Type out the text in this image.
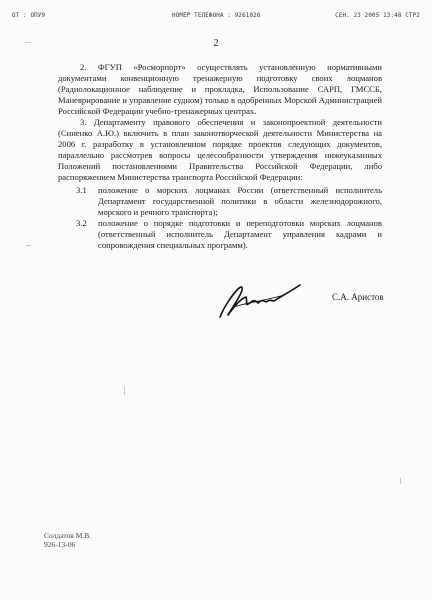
ОТ : ОПУ9	НОМЕР ТЕЛЕФОНА : 9261026	СЕН. 23 2005 13:48 СТР2
2

2. ФГУП «Росморпорт» осуществлять установленную нормативными документами конвенционную тренажерную подготовку своих лоцманов (Радиолокационное наблюдение и прокладка, Использование САРП, ГМССБ, Маневрирование и управление судном) только в одобренных Морской Администрацией Российской Федерации учебно-тренажерных центрах.

3. Департаменту правового обеспечения и законопроектной деятельности (Синенко А.Ю.) включить в план законотворческой деятельности Министерства на 2006 г. разработку в установленном порядке проектов следующих документов, параллельно рассмотрев вопросы целесообразности утверждения нижеуказанных Положений постановлениями Правительства Российской Федерации, либо распоряжением Министерства транспорта Российской Федерации:

3.1	положение о морских лоцманах России (ответственный исполнитель Департамент государственной политики в области железнодорожного, морского и речного транспорта);
3.2	положение о порядке подготовки и переподготовки морских лоцманов (ответственный исполнитель Департамент управления кадрами и сопровождения специальных программ).
С.А. Аристов
Солдатов М.В.
926-13-06
